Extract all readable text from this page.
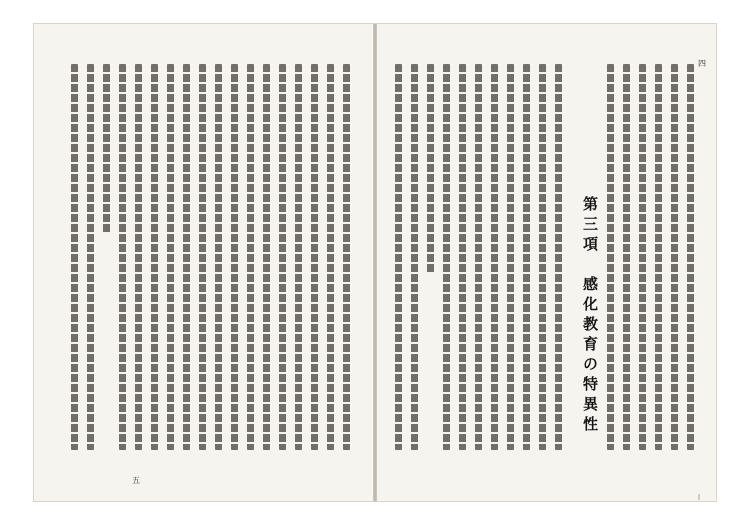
五
第三項　感化教育の特異性
四
